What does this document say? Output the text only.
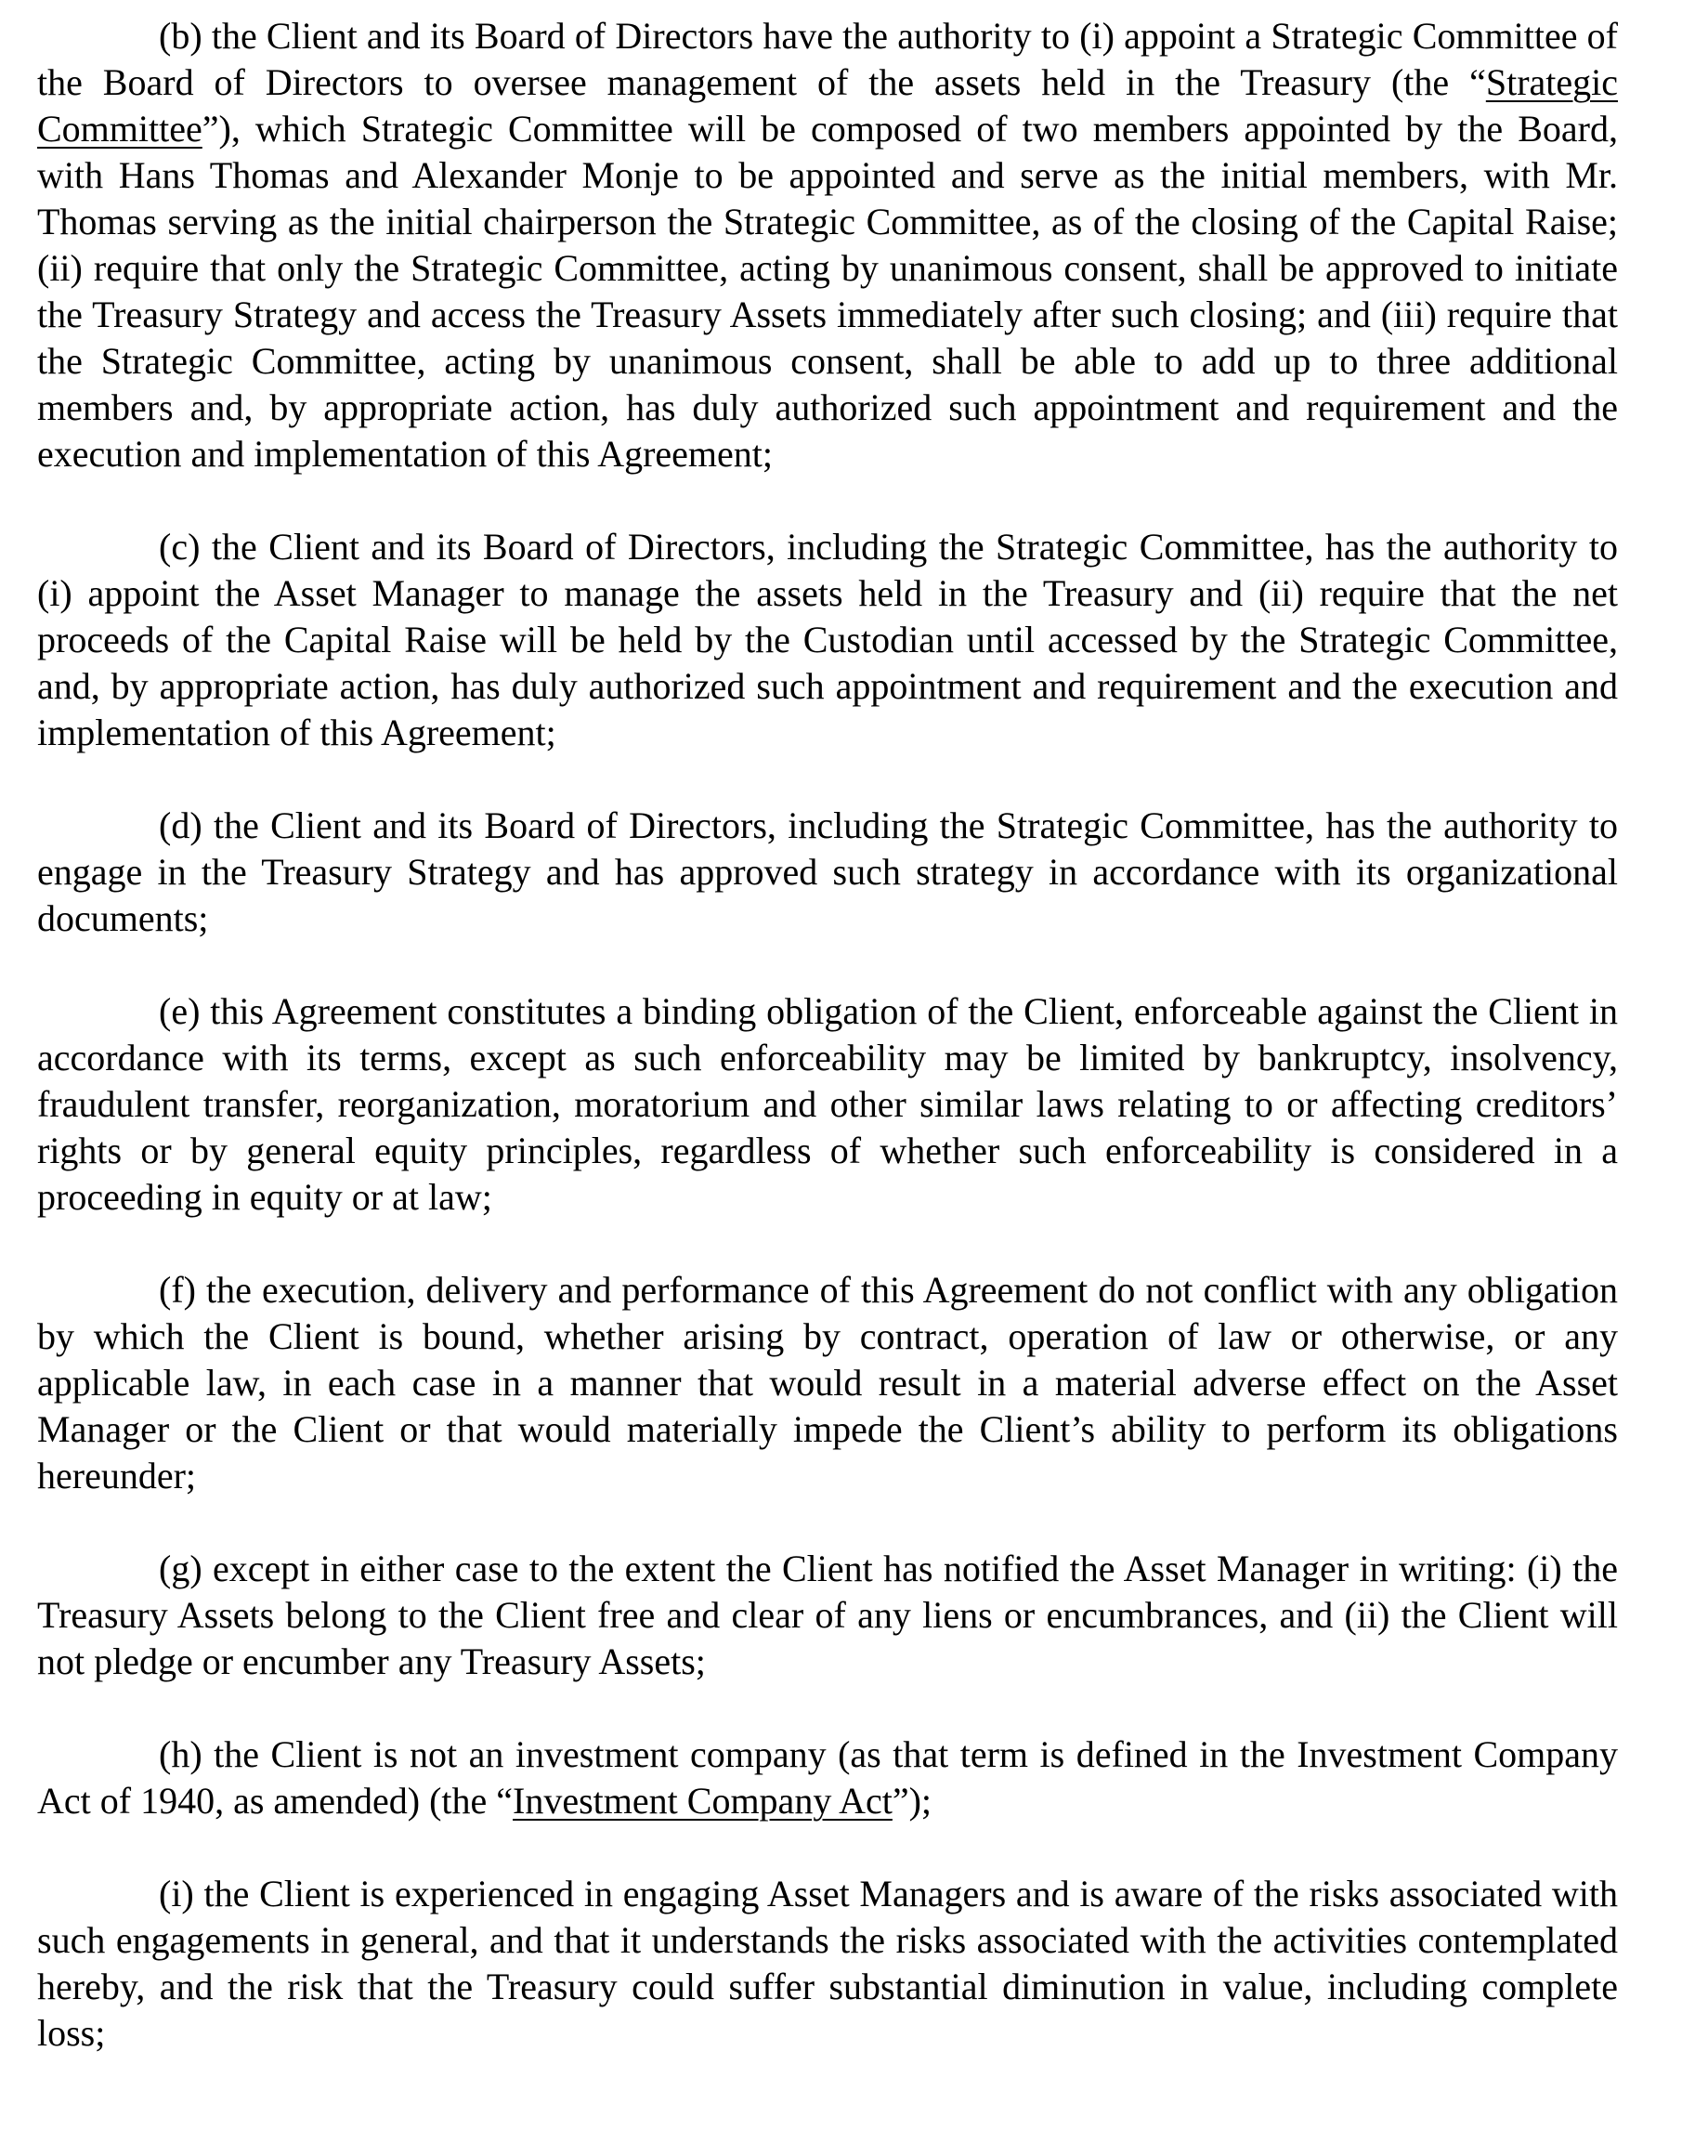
(b) the Client and its Board of Directors have the authority to (i) appoint a Strategic Committee of the Board of Directors to oversee management of the assets held in the Treasury (the “Strategic Committee”), which Strategic Committee will be composed of two members appointed by the Board, with Hans Thomas and Alexander Monje to be appointed and serve as the initial members, with Mr. Thomas serving as the initial chairperson the Strategic Committee, as of the closing of the Capital Raise; (ii) require that only the Strategic Committee, acting by unanimous consent, shall be approved to initiate the Treasury Strategy and access the Treasury Assets immediately after such closing; and (iii) require that the Strategic Committee, acting by unanimous consent, shall be able to add up to three additional members and, by appropriate action, has duly authorized such appointment and requirement and the execution and implementation of this Agreement;

(c) the Client and its Board of Directors, including the Strategic Committee, has the authority to (i) appoint the Asset Manager to manage the assets held in the Treasury and (ii) require that the net proceeds of the Capital Raise will be held by the Custodian until accessed by the Strategic Committee, and, by appropriate action, has duly authorized such appointment and requirement and the execution and implementation of this Agreement;

(d) the Client and its Board of Directors, including the Strategic Committee, has the authority to engage in the Treasury Strategy and has approved such strategy in accordance with its organizational documents;

(e) this Agreement constitutes a binding obligation of the Client, enforceable against the Client in accordance with its terms, except as such enforceability may be limited by bankruptcy, insolvency, fraudulent transfer, reorganization, moratorium and other similar laws relating to or affecting creditors’ rights or by general equity principles, regardless of whether such enforceability is considered in a proceeding in equity or at law;

(f) the execution, delivery and performance of this Agreement do not conflict with any obligation by which the Client is bound, whether arising by contract, operation of law or otherwise, or any applicable law, in each case in a manner that would result in a material adverse effect on the Asset Manager or the Client or that would materially impede the Client’s ability to perform its obligations hereunder;

(g) except in either case to the extent the Client has notified the Asset Manager in writing: (i) the Treasury Assets belong to the Client free and clear of any liens or encumbrances, and (ii) the Client will not pledge or encumber any Treasury Assets;

(h) the Client is not an investment company (as that term is defined in the Investment Company Act of 1940, as amended) (the “Investment Company Act”);

(i) the Client is experienced in engaging Asset Managers and is aware of the risks associated with such engagements in general, and that it understands the risks associated with the activities contemplated hereby, and the risk that the Treasury could suffer substantial diminution in value, including complete loss;
